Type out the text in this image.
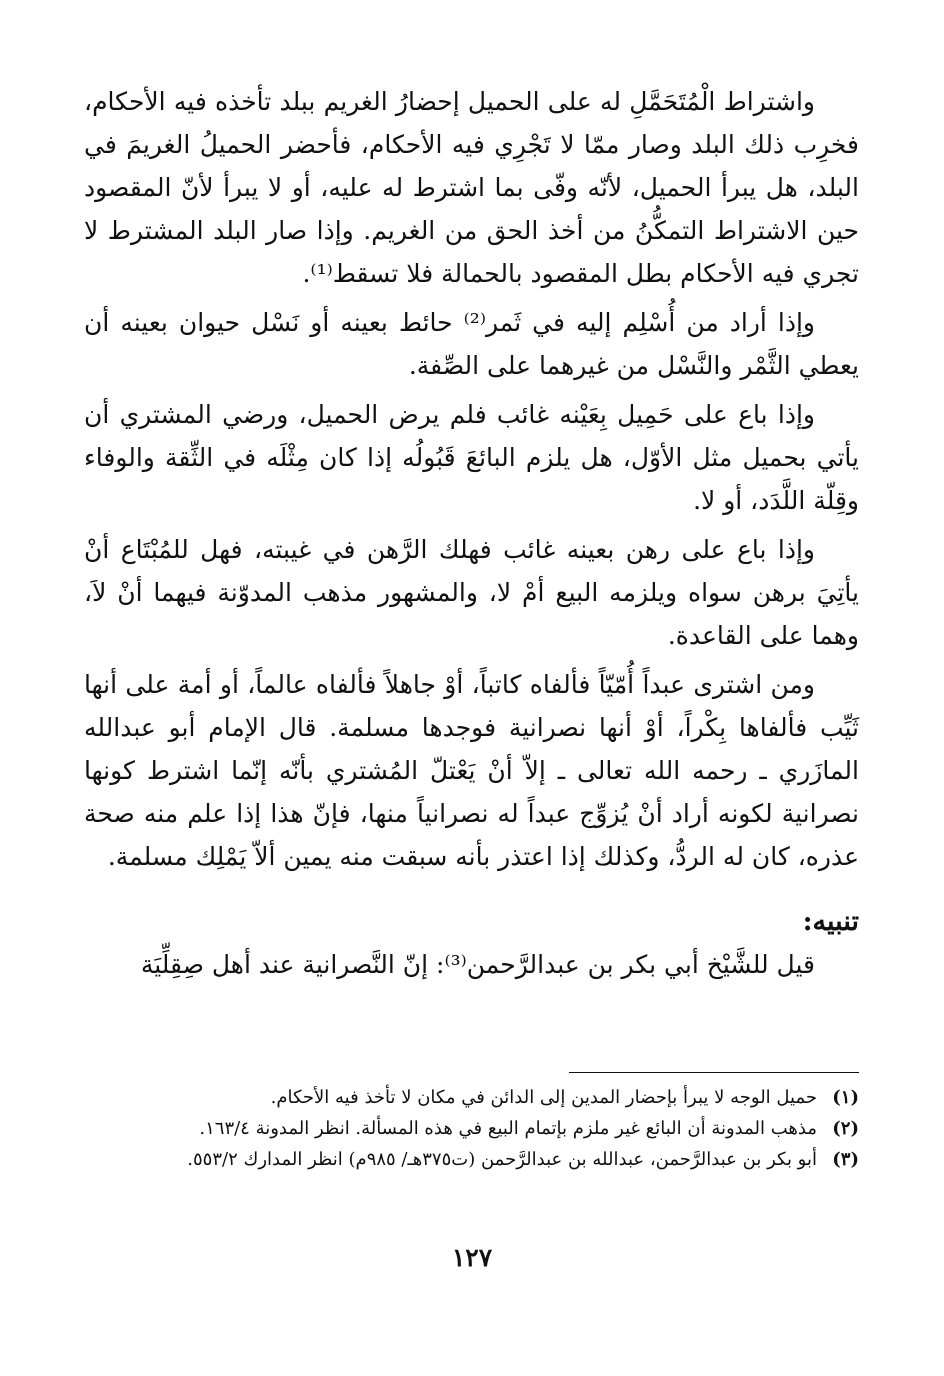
واشتراط الْمُتَحَمَّلِ له على الحميل إحضارُ الغريم ببلد تأخذه فيه الأحكام، فخرِب ذلك البلد وصار ممّا لا تَجْرِي فيه الأحكام، فأحضر الحميلُ الغريمَ في البلد، هل يبرأ الحميل، لأنّه وفّى بما اشترط له عليه، أو لا يبرأ لأنّ المقصود حين الاشتراط التمكُّنُ من أخذ الحق من الغريم. وإذا صار البلد المشترط لا تجري فيه الأحكام بطل المقصود بالحمالة فلا تسقط⁽¹⁾.

وإذا أراد من أُسْلِم إليه في ثَمر⁽²⁾ حائط بعينه أو نَسْل حيوان بعينه أن يعطي الثَّمْر والنَّسْل من غيرهما على الصِّفة.

وإذا باع على حَمِيل بِعَيْنه غائب فلم يرض الحميل، ورضي المشتري أن يأتي بحميل مثل الأوّل، هل يلزم البائعَ قَبُولُه إذا كان مِثْلَه في الثِّقة والوفاء وقِلّة اللَّدَد، أو لا.

وإذا باع على رهن بعينه غائب فهلك الرَّهن في غيبته، فهل للمُبْتَاع أنْ يأتِيَ برهن سواه ويلزمه البيع أمْ لا، والمشهور مذهب المدوّنة فيهما أنْ لاَ، وهما على القاعدة.

ومن اشترى عبداً أُمّيّاً فألفاه كاتباً، أوْ جاهلاً فألفاه عالماً، أو أمة على أنها ثَيِّب فألفاها بِكْراً، أوْ أنها نصرانية فوجدها مسلمة. قال الإمام أبو عبدالله المازَري ـ رحمه الله تعالى ـ إلاّ أنْ يَعْتلّ المُشتري بأنّه إنّما اشترط كونها نصرانية لكونه أراد أنْ يُزوِّج عبداً له نصرانياً منها، فإنّ هذا إذا علم منه صحة عذره، كان له الردُّ، وكذلك إذا اعتذر بأنه سبقت منه يمين ألاّ يَمْلِك مسلمة.

تنبيه:

قيل للشَّيْخ أبي بكر بن عبدالرَّحمن⁽³⁾: إنّ النَّصرانية عند أهل صِقِلِّيَة

(١)
حميل الوجه لا يبرأ بإحضار المدين إلى الدائن في مكان لا تأخذ فيه الأحكام.
(٢)
مذهب المدونة أن البائع غير ملزم بإتمام البيع في هذه المسألة. انظر المدونة ١٦٣/٤.
(٣)
أبو بكر بن عبدالرَّحمن، عبدالله بن عبدالرَّحمن (ت٣٧٥هـ/ ٩٨٥م) انظر المدارك ٥٥٣/٢.
١٢٧
